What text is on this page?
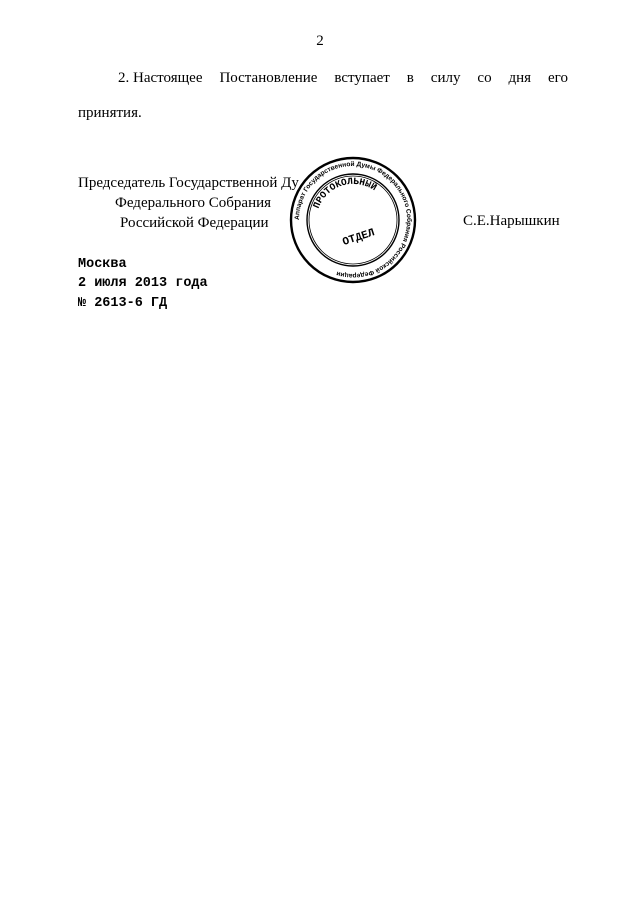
2
2. Настоящее Постановление вступает в силу со дня его
принятия.
Председатель Государственной Ду
Федерального Собрания
Российской Федерации	Аппарат Государственной Думы Федерального Собрания Российской Федерации
ПРОТОКОЛЬНЫЙ
ОТДЕЛ
С.Е.Нарышкин
Москва
2 июля 2013 года
№ 2613-6 ГД
